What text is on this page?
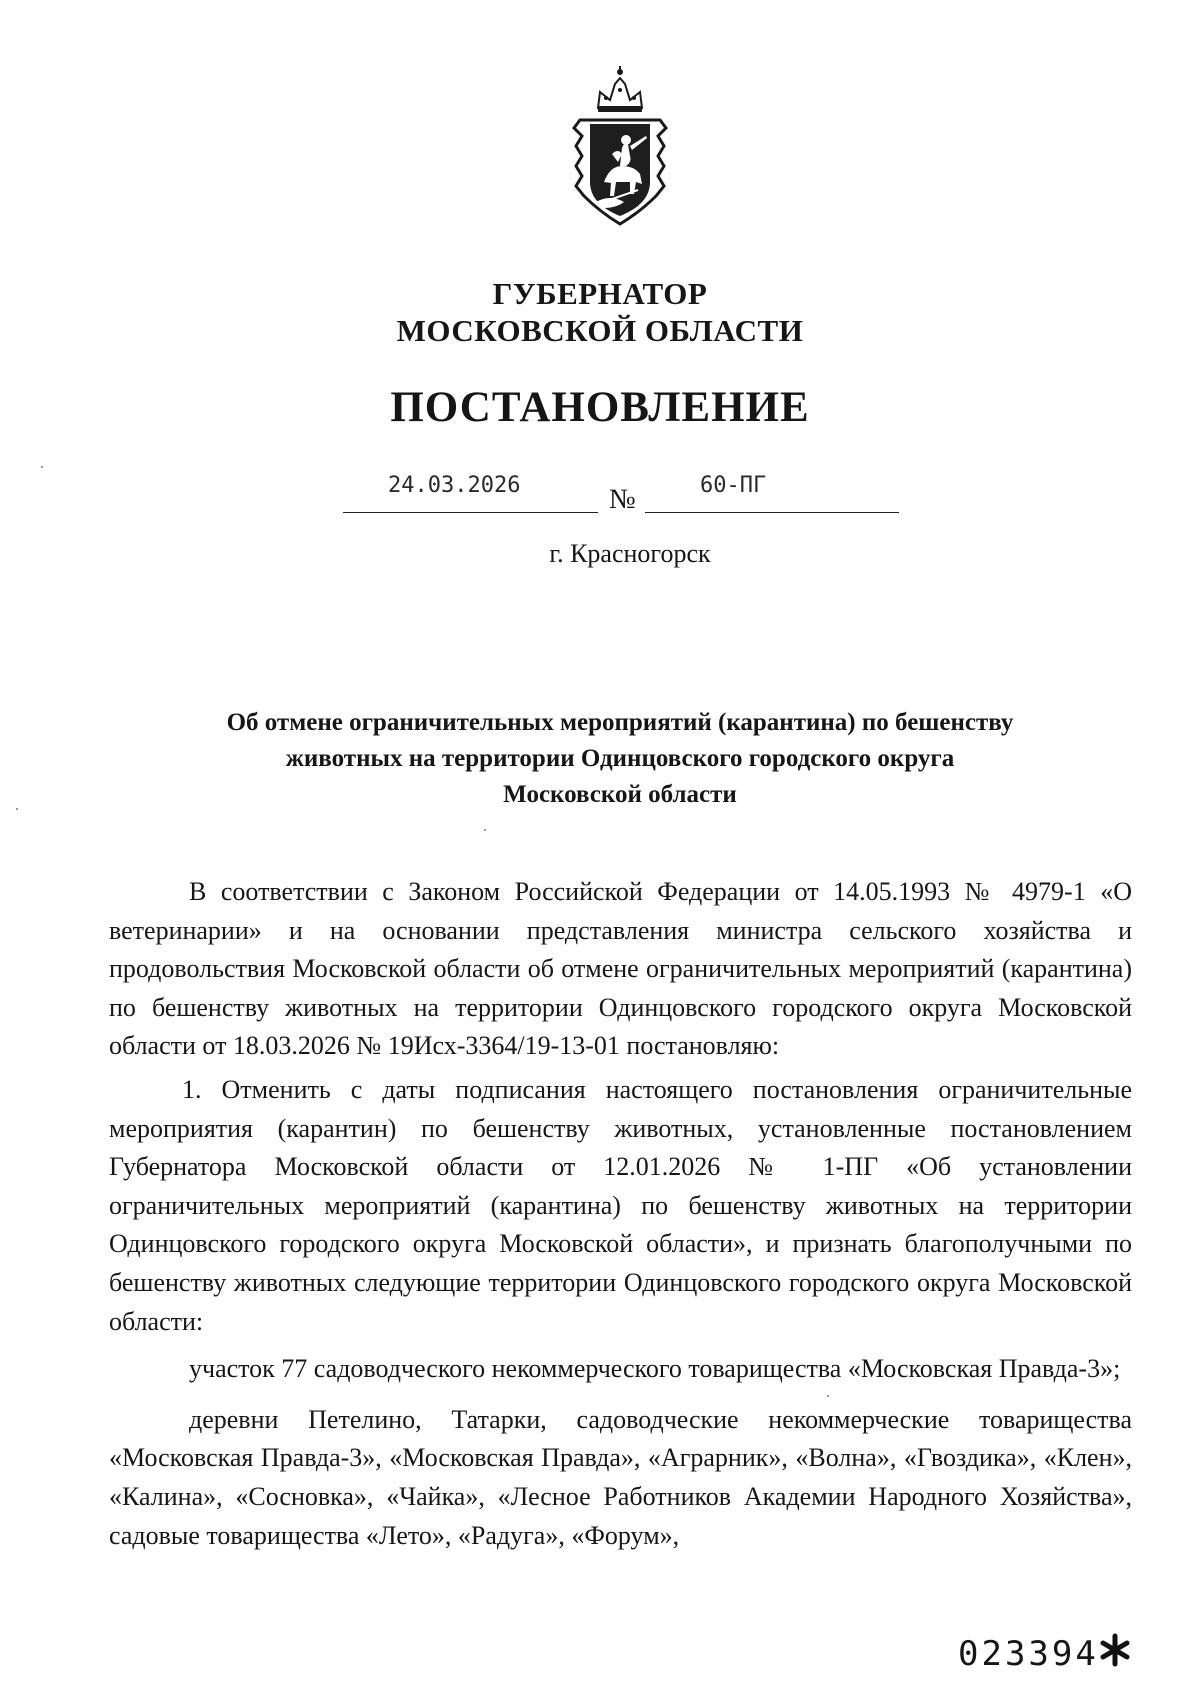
ГУБЕРНАТОР
МОСКОВСКОЙ ОБЛАСТИ
ПОСТАНОВЛЕНИЕ
24.03.2026	№	60-ПГ
г. Красногорск
Об отмене ограничительных мероприятий (карантина) по бешенству
животных на территории Одинцовского городского округа
Московской области

В соответствии с Законом Российской Федерации от 14.05.1993 № 4979-1 «О ветеринарии» и на основании представления министра сельского хозяйства и продовольствия Московской области об отмене ограничительных мероприятий (карантина) по бешенству животных на территории Одинцовского городского округа Московской области от 18.03.2026 № 19Исх-3364/19-13-01 постановляю:

1. Отменить с даты подписания настоящего постановления ограничительные мероприятия (карантин) по бешенству животных, установленные постановлением Губернатора Московской области от 12.01.2026 № 1-ПГ «Об установлении ограничительных мероприятий (карантина) по бешенству животных на территории Одинцовского городского округа Московской области», и признать благополучными по бешенству животных следующие территории Одинцовского городского округа Московской области:

участок 77 садоводческого некоммерческого товарищества «Московская Правда-3»;

деревни Петелино, Татарки, садоводческие некоммерческие товарищества «Московская Правда-3», «Московская Правда», «Аграрник», «Волна», «Гвоздика», «Клен», «Калина», «Сосновка», «Чайка», «Лесное Работников Академии Народного Хозяйства», садовые товарищества «Лето», «Радуга», «Форум»,

023394
